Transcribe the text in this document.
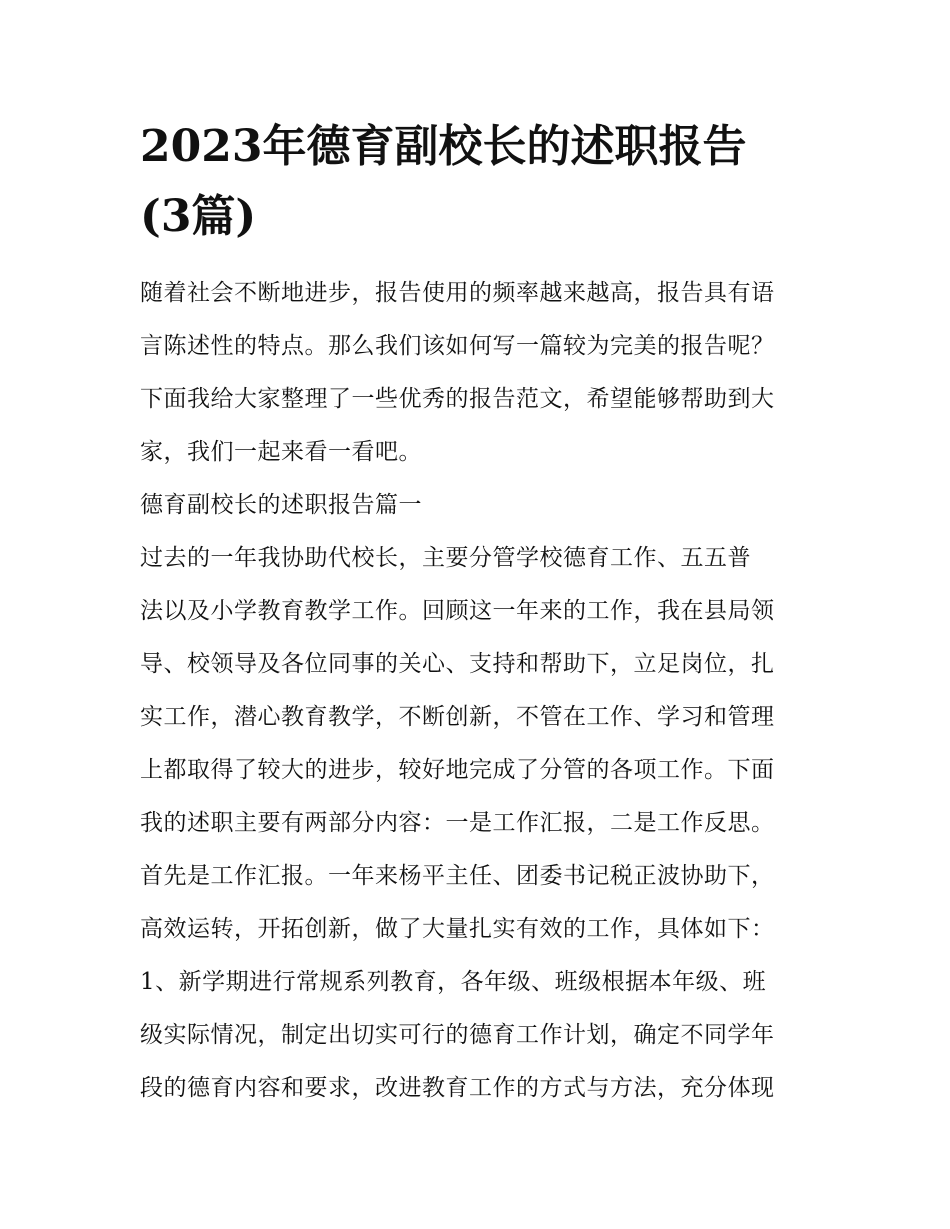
2023年德育副校长的述职报告
(3篇)
随着社会不断地进步，报告使用的频率越来越高，报告具有语
言陈述性的特点。那么我们该如何写一篇较为完美的报告呢？
下面我给大家整理了一些优秀的报告范文，希望能够帮助到大
家，我们一起来看一看吧。
德育副校长的述职报告篇一
过去的一年我协助代校长，主要分管学校德育工作、五五普
法以及小学教育教学工作。回顾这一年来的工作，我在县局领
导、校领导及各位同事的关心、支持和帮助下，立足岗位，扎
实工作，潜心教育教学，不断创新，不管在工作、学习和管理
上都取得了较大的进步，较好地完成了分管的各项工作。下面
我的述职主要有两部分内容：一是工作汇报，二是工作反思。
首先是工作汇报。一年来杨平主任、团委书记税正波协助下，
高效运转，开拓创新，做了大量扎实有效的工作，具体如下：
1、新学期进行常规系列教育，各年级、班级根据本年级、班
级实际情况，制定出切实可行的德育工作计划，确定不同学年
段的德育内容和要求，改进教育工作的方式与方法，充分体现
